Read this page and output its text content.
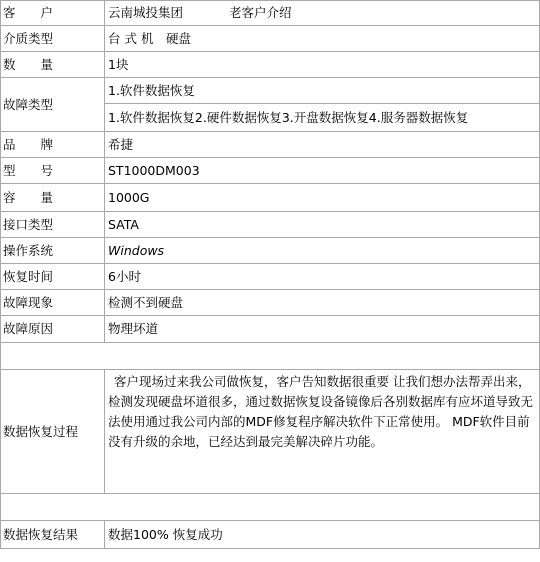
客　　户	云南城投集团 老客户介绍
介质类型	台 式 机　硬盘
数　　量	1块
故障类型	1.软件数据恢复
	1.软件数据恢复2.硬件数据恢复3.开盘数据恢复4.服务器数据恢复
品　　牌	希捷
型　　号	ST1000DM003
容　　量	1000G
接口类型	SATA
操作系统	Windows
恢复时间	6小时
故障现象	检测不到硬盘
故障原因	物理坏道

数据恢复过程	客户现场过来我公司做恢复，客户告知数据很重要 让我们想办法帮弄出来，检测发现硬盘坏道很多，通过数据恢复设备镜像后各别数据库有应坏道导致无法使用通过我公司内部的MDF修复程序解决软件下正常使用。 MDF软件目前没有升级的余地，已经达到最完美解决碎片功能。

数据恢复结果	数据100% 恢复成功
